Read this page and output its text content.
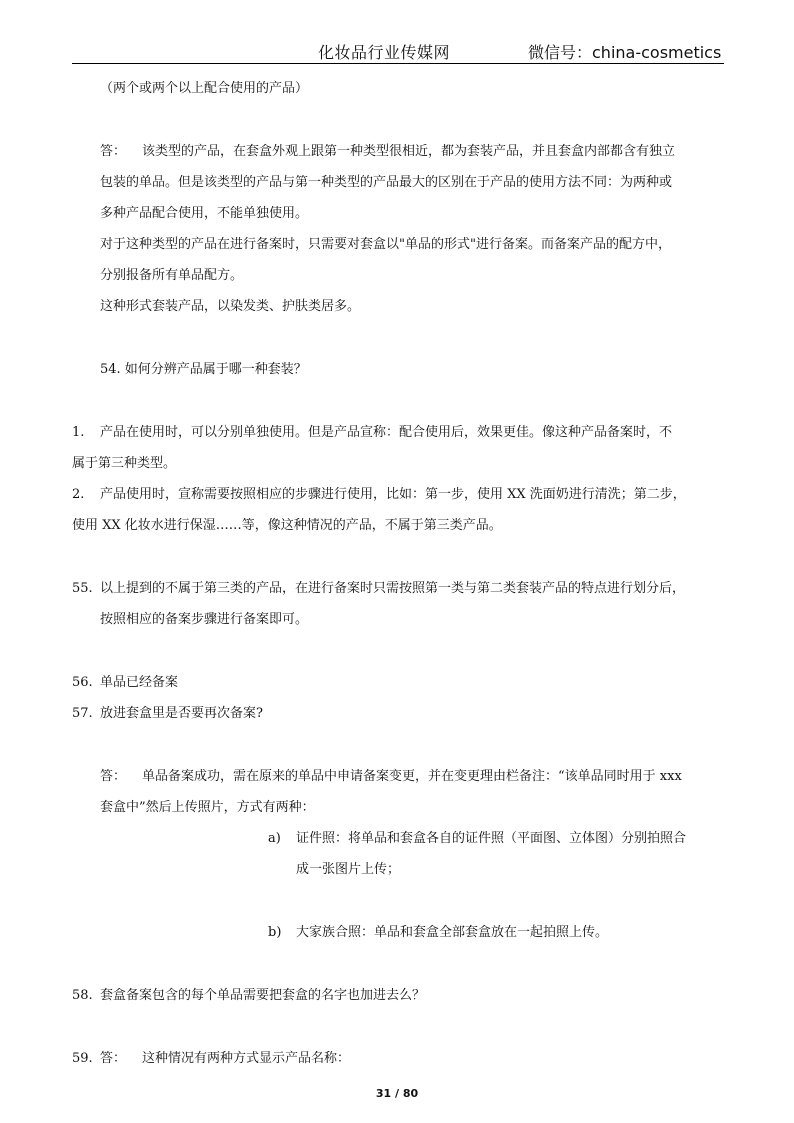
化妆品行业传媒网	微信号：china-cosmetics
（两个或两个以上配合使用的产品）
答： 该类型的产品，在套盒外观上跟第一种类型很相近，都为套装产品，并且套盒内部都含有独立
包装的单品。但是该类型的产品与第一种类型的产品最大的区别在于产品的使用方法不同：为两种或
多种产品配合使用，不能单独使用。
对于这种类型的产品在进行备案时，只需要对套盒以"单品的形式"进行备案。而备案产品的配方中，
分别报备所有单品配方。
这种形式套装产品，以染发类、护肤类居多。
54. 如何分辨产品属于哪一种套装？
1. 产品在使用时，可以分别单独使用。但是产品宣称：配合使用后，效果更佳。像这种产品备案时，不
属于第三种类型。
2. 产品使用时，宣称需要按照相应的步骤进行使用，比如：第一步，使用 XX 洗面奶进行清洗；第二步，
使用 XX 化妆水进行保湿……等，像这种情况的产品，不属于第三类产品。
55. 以上提到的不属于第三类的产品，在进行备案时只需按照第一类与第二类套装产品的特点进行划分后，
按照相应的备案步骤进行备案即可。
56. 单品已经备案
57. 放进套盒里是否要再次备案?
答： 单品备案成功，需在原来的单品中申请备案变更，并在变更理由栏备注：“该单品同时用于 xxx
套盒中”然后上传照片，方式有两种：
a) 证件照：将单品和套盒各自的证件照（平面图、立体图）分别拍照合
成一张图片上传；
b) 大家族合照：单品和套盒全部套盒放在一起拍照上传。
58. 套盒备案包含的每个单品需要把套盒的名字也加进去么？
59. 答： 这种情况有两种方式显示产品名称：
31 / 80
